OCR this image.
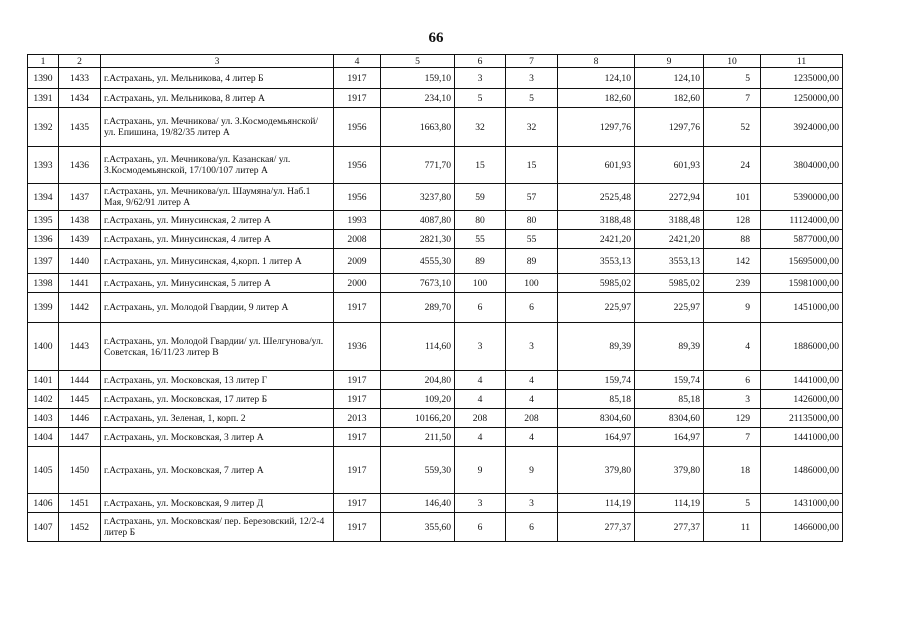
66
1	2	3	4	5	6	7	8	9	10	11
1390	1433	г.Астрахань, ул. Мельникова, 4 литер Б	1917	159,10	3	3	124,10	124,10	5	1235000,00
1391	1434	г.Астрахань, ул. Мельникова, 8 литер А	1917	234,10	5	5	182,60	182,60	7	1250000,00
1392	1435	г.Астрахань, ул. Мечникова/ ул. З.Космодемьянской/ ул. Епишина, 19/82/35 литер А	1956	1663,80	32	32	1297,76	1297,76	52	3924000,00
1393	1436	г.Астрахань, ул. Мечникова/ул. Казанская/ ул. З.Космодемьянской, 17/100/107 литер А	1956	771,70	15	15	601,93	601,93	24	3804000,00
1394	1437	г.Астрахань, ул. Мечникова/ул. Шаумяна/ул. Наб.1 Мая, 9/62/91 литер А	1956	3237,80	59	57	2525,48	2272,94	101	5390000,00
1395	1438	г.Астрахань, ул. Минусинская, 2 литер А	1993	4087,80	80	80	3188,48	3188,48	128	11124000,00
1396	1439	г.Астрахань, ул. Минусинская, 4 литер А	2008	2821,30	55	55	2421,20	2421,20	88	5877000,00
1397	1440	г.Астрахань, ул. Минусинская, 4,корп. 1 литер А	2009	4555,30	89	89	3553,13	3553,13	142	15695000,00
1398	1441	г.Астрахань, ул. Минусинская, 5 литер А	2000	7673,10	100	100	5985,02	5985,02	239	15981000,00
1399	1442	г.Астрахань, ул. Молодой Гвардии, 9 литер А	1917	289,70	6	6	225,97	225,97	9	1451000,00
1400	1443	г.Астрахань, ул. Молодой Гвардии/ ул. Шелгунова/ул. Советская, 16/11/23 литер В	1936	114,60	3	3	89,39	89,39	4	1886000,00
1401	1444	г.Астрахань, ул. Московская, 13 литер Г	1917	204,80	4	4	159,74	159,74	6	1441000,00
1402	1445	г.Астрахань, ул. Московская, 17 литер Б	1917	109,20	4	4	85,18	85,18	3	1426000,00
1403	1446	г.Астрахань, ул. Зеленая, 1, корп. 2	2013	10166,20	208	208	8304,60	8304,60	129	21135000,00
1404	1447	г.Астрахань, ул. Московская, 3 литер А	1917	211,50	4	4	164,97	164,97	7	1441000,00
1405	1450	г.Астрахань, ул. Московская, 7 литер А	1917	559,30	9	9	379,80	379,80	18	1486000,00
1406	1451	г.Астрахань, ул. Московская, 9 литер Д	1917	146,40	3	3	114,19	114,19	5	1431000,00
1407	1452	г.Астрахань, ул. Московская/ пер. Березовский, 12/2-4 литер Б	1917	355,60	6	6	277,37	277,37	11	1466000,00
